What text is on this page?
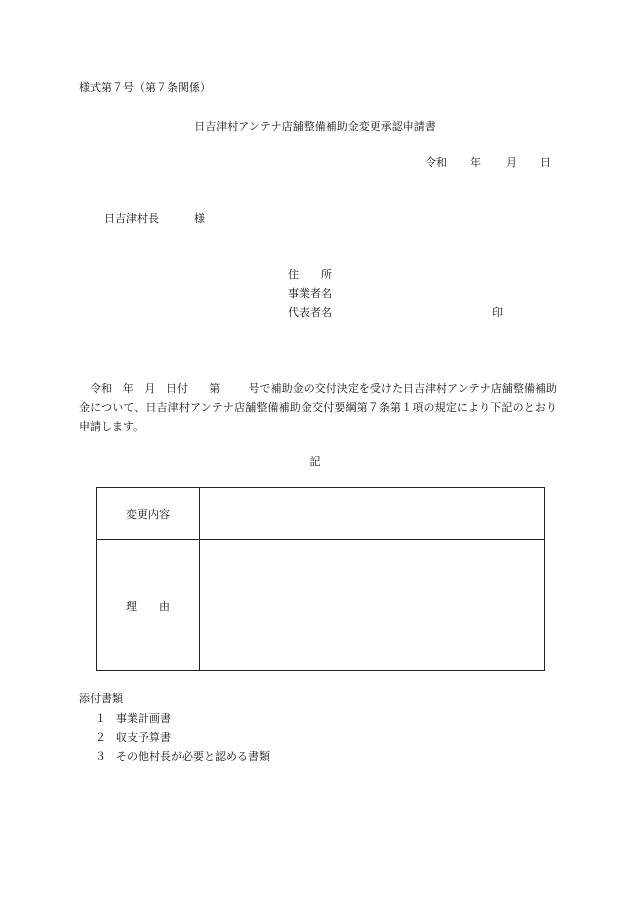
様式第７号（第７条関係）
日吉津村アンテナ店舗整備補助金変更承認申請書
令和 年 月 日
日吉津村長	様
住　　所
事業者名
代表者名	印
令和 年 月 日付 第	号で補助金の交付決定を受けた日吉津村アンテナ店舗整備補助金について、日吉津村アンテナ店舗整備補助金交付要綱第７条第１項の規定により下記のとおり申請します。
記
変更内容
理　　由
添付書類
１ 事業計画書
２ 収支予算書
３ その他村長が必要と認める書類
